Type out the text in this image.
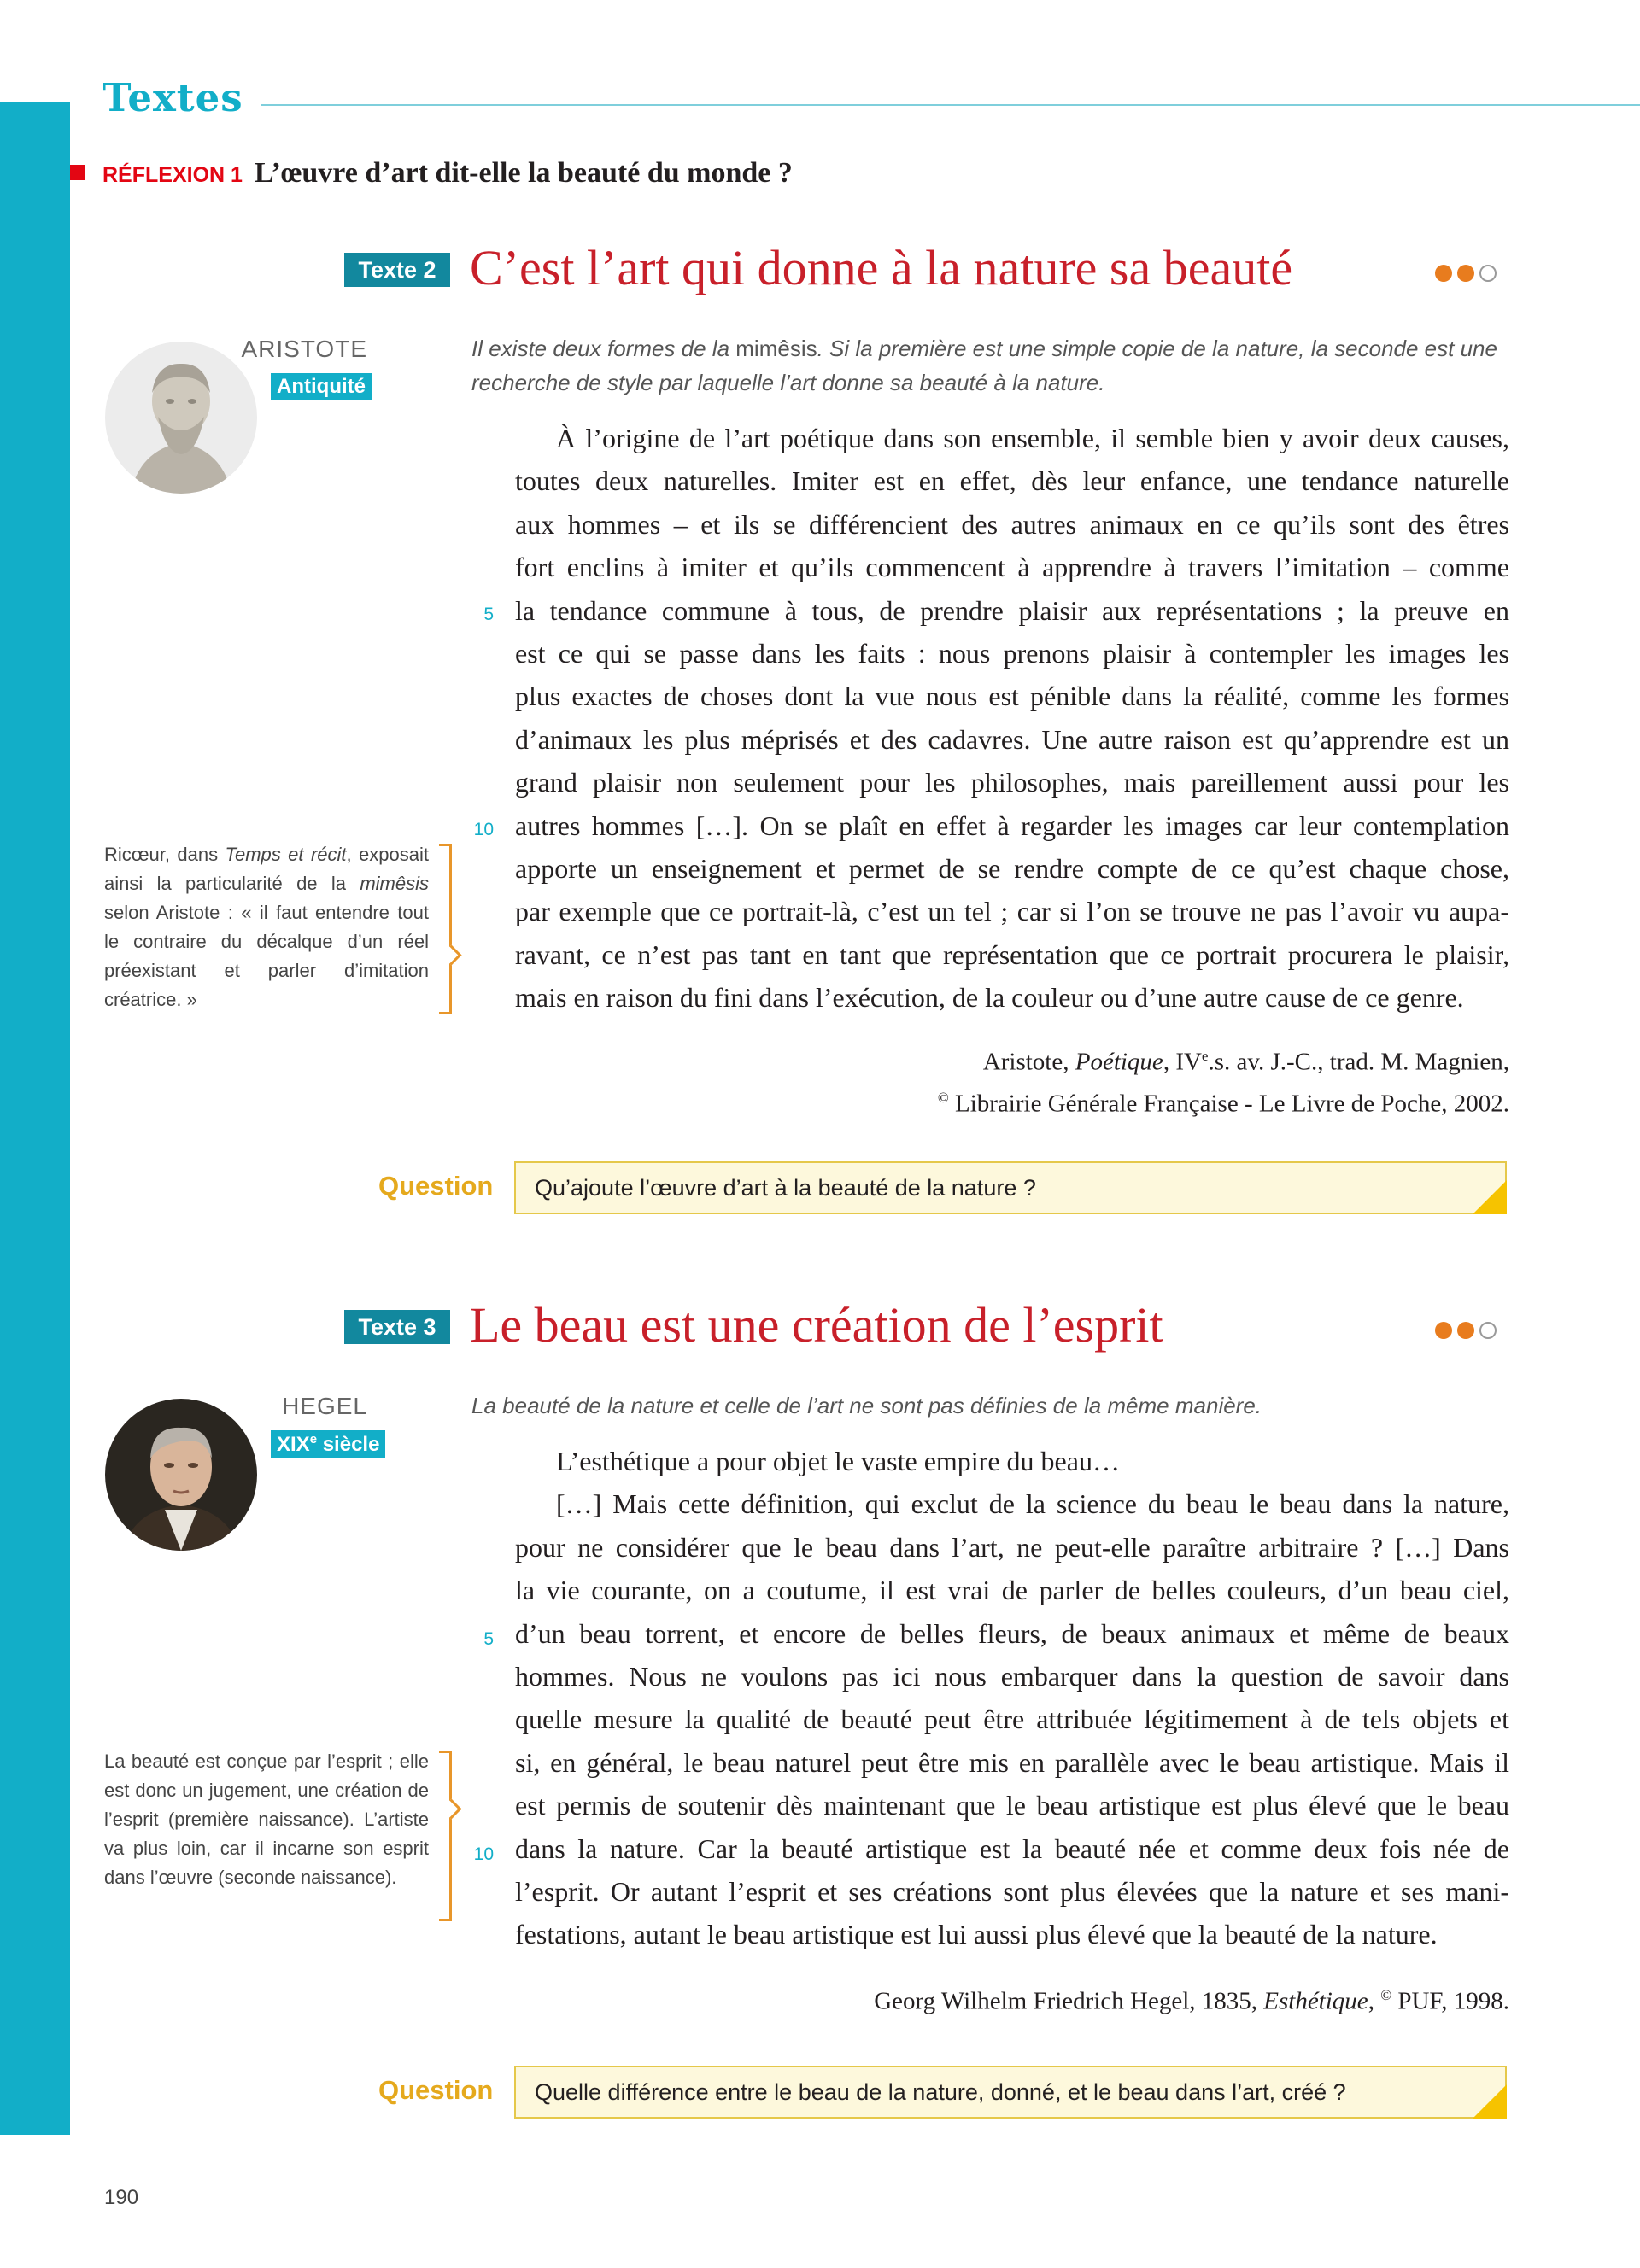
Textes
RÉFLEXION 1 L’œuvre d’art dit-elle la beauté du monde ?
Texte 2 C’est l’art qui donne à la nature sa beauté
ARISTOTE
Antiquité
Il existe deux formes de la mimêsis. Si la première est une simple copie de la nature, la seconde est une recherche de style par laquelle l’art donne sa beauté à la nature.
À l’origine de l’art poétique dans son ensemble, il semble bien y avoir deux causes,
toutes deux naturelles. Imiter est en effet, dès leur enfance, une tendance naturelle
aux hommes – et ils se différencient des autres animaux en ce qu’ils sont des êtres
fort enclins à imiter et qu’ils commencent à apprendre à travers l’imitation – comme
la tendance commune à tous, de prendre plaisir aux représentations ; la preuve en
est ce qui se passe dans les faits : nous prenons plaisir à contempler les images les
plus exactes de choses dont la vue nous est pénible dans la réalité, comme les formes
d’animaux les plus méprisés et des cadavres. Une autre raison est qu’apprendre est un
grand plaisir non seulement pour les philosophes, mais pareillement aussi pour les
autres hommes […]. On se plaît en effet à regarder les images car leur contemplation
apporte un enseignement et permet de se rendre compte de ce qu’est chaque chose,
par exemple que ce portrait-là, c’est un tel ; car si l’on se trouve ne pas l’avoir vu aupa-
ravant, ce n’est pas tant en tant que représentation que ce portrait procurera le plaisir,
mais en raison du fini dans l’exécution, de la couleur ou d’une autre cause de ce genre.
5
10
Aristote, Poétique, IVe.s. av. J.-C., trad. M. Magnien,
© Librairie Générale Française - Le Livre de Poche, 2002.
Ricœur, dans Temps et récit, exposait ainsi la particularité de la mimêsis selon Aristote : « il faut entendre tout le contraire du décalque d’un réel préexistant et parler d’imitation créatrice. »
Question Qu’ajoute l’œuvre d’art à la beauté de la nature ?
Texte 3 Le beau est une création de l’esprit
HEGEL
XIXe siècle
La beauté de la nature et celle de l’art ne sont pas définies de la même manière.
L’esthétique a pour objet le vaste empire du beau…
[…] Mais cette définition, qui exclut de la science du beau le beau dans la nature,
pour ne considérer que le beau dans l’art, ne peut-elle paraître arbitraire ? […] Dans
la vie courante, on a coutume, il est vrai de parler de belles couleurs, d’un beau ciel,
d’un beau torrent, et encore de belles fleurs, de beaux animaux et même de beaux
hommes. Nous ne voulons pas ici nous embarquer dans la question de savoir dans
quelle mesure la qualité de beauté peut être attribuée légitimement à de tels objets et
si, en général, le beau naturel peut être mis en parallèle avec le beau artistique. Mais il
est permis de soutenir dès maintenant que le beau artistique est plus élevé que le beau
dans la nature. Car la beauté artistique est la beauté née et comme deux fois née de
l’esprit. Or autant l’esprit et ses créations sont plus élevées que la nature et ses mani-
festations, autant le beau artistique est lui aussi plus élevé que la beauté de la nature.
5
10
Georg Wilhelm Friedrich Hegel, 1835, Esthétique, © PUF, 1998.
La beauté est conçue par l’esprit ; elle est donc un jugement, une création de l’esprit (première naissance). L’artiste va plus loin, car il incarne son esprit dans l’œuvre (seconde naissance).
Question Quelle différence entre le beau de la nature, donné, et le beau dans l’art, créé ?
190
